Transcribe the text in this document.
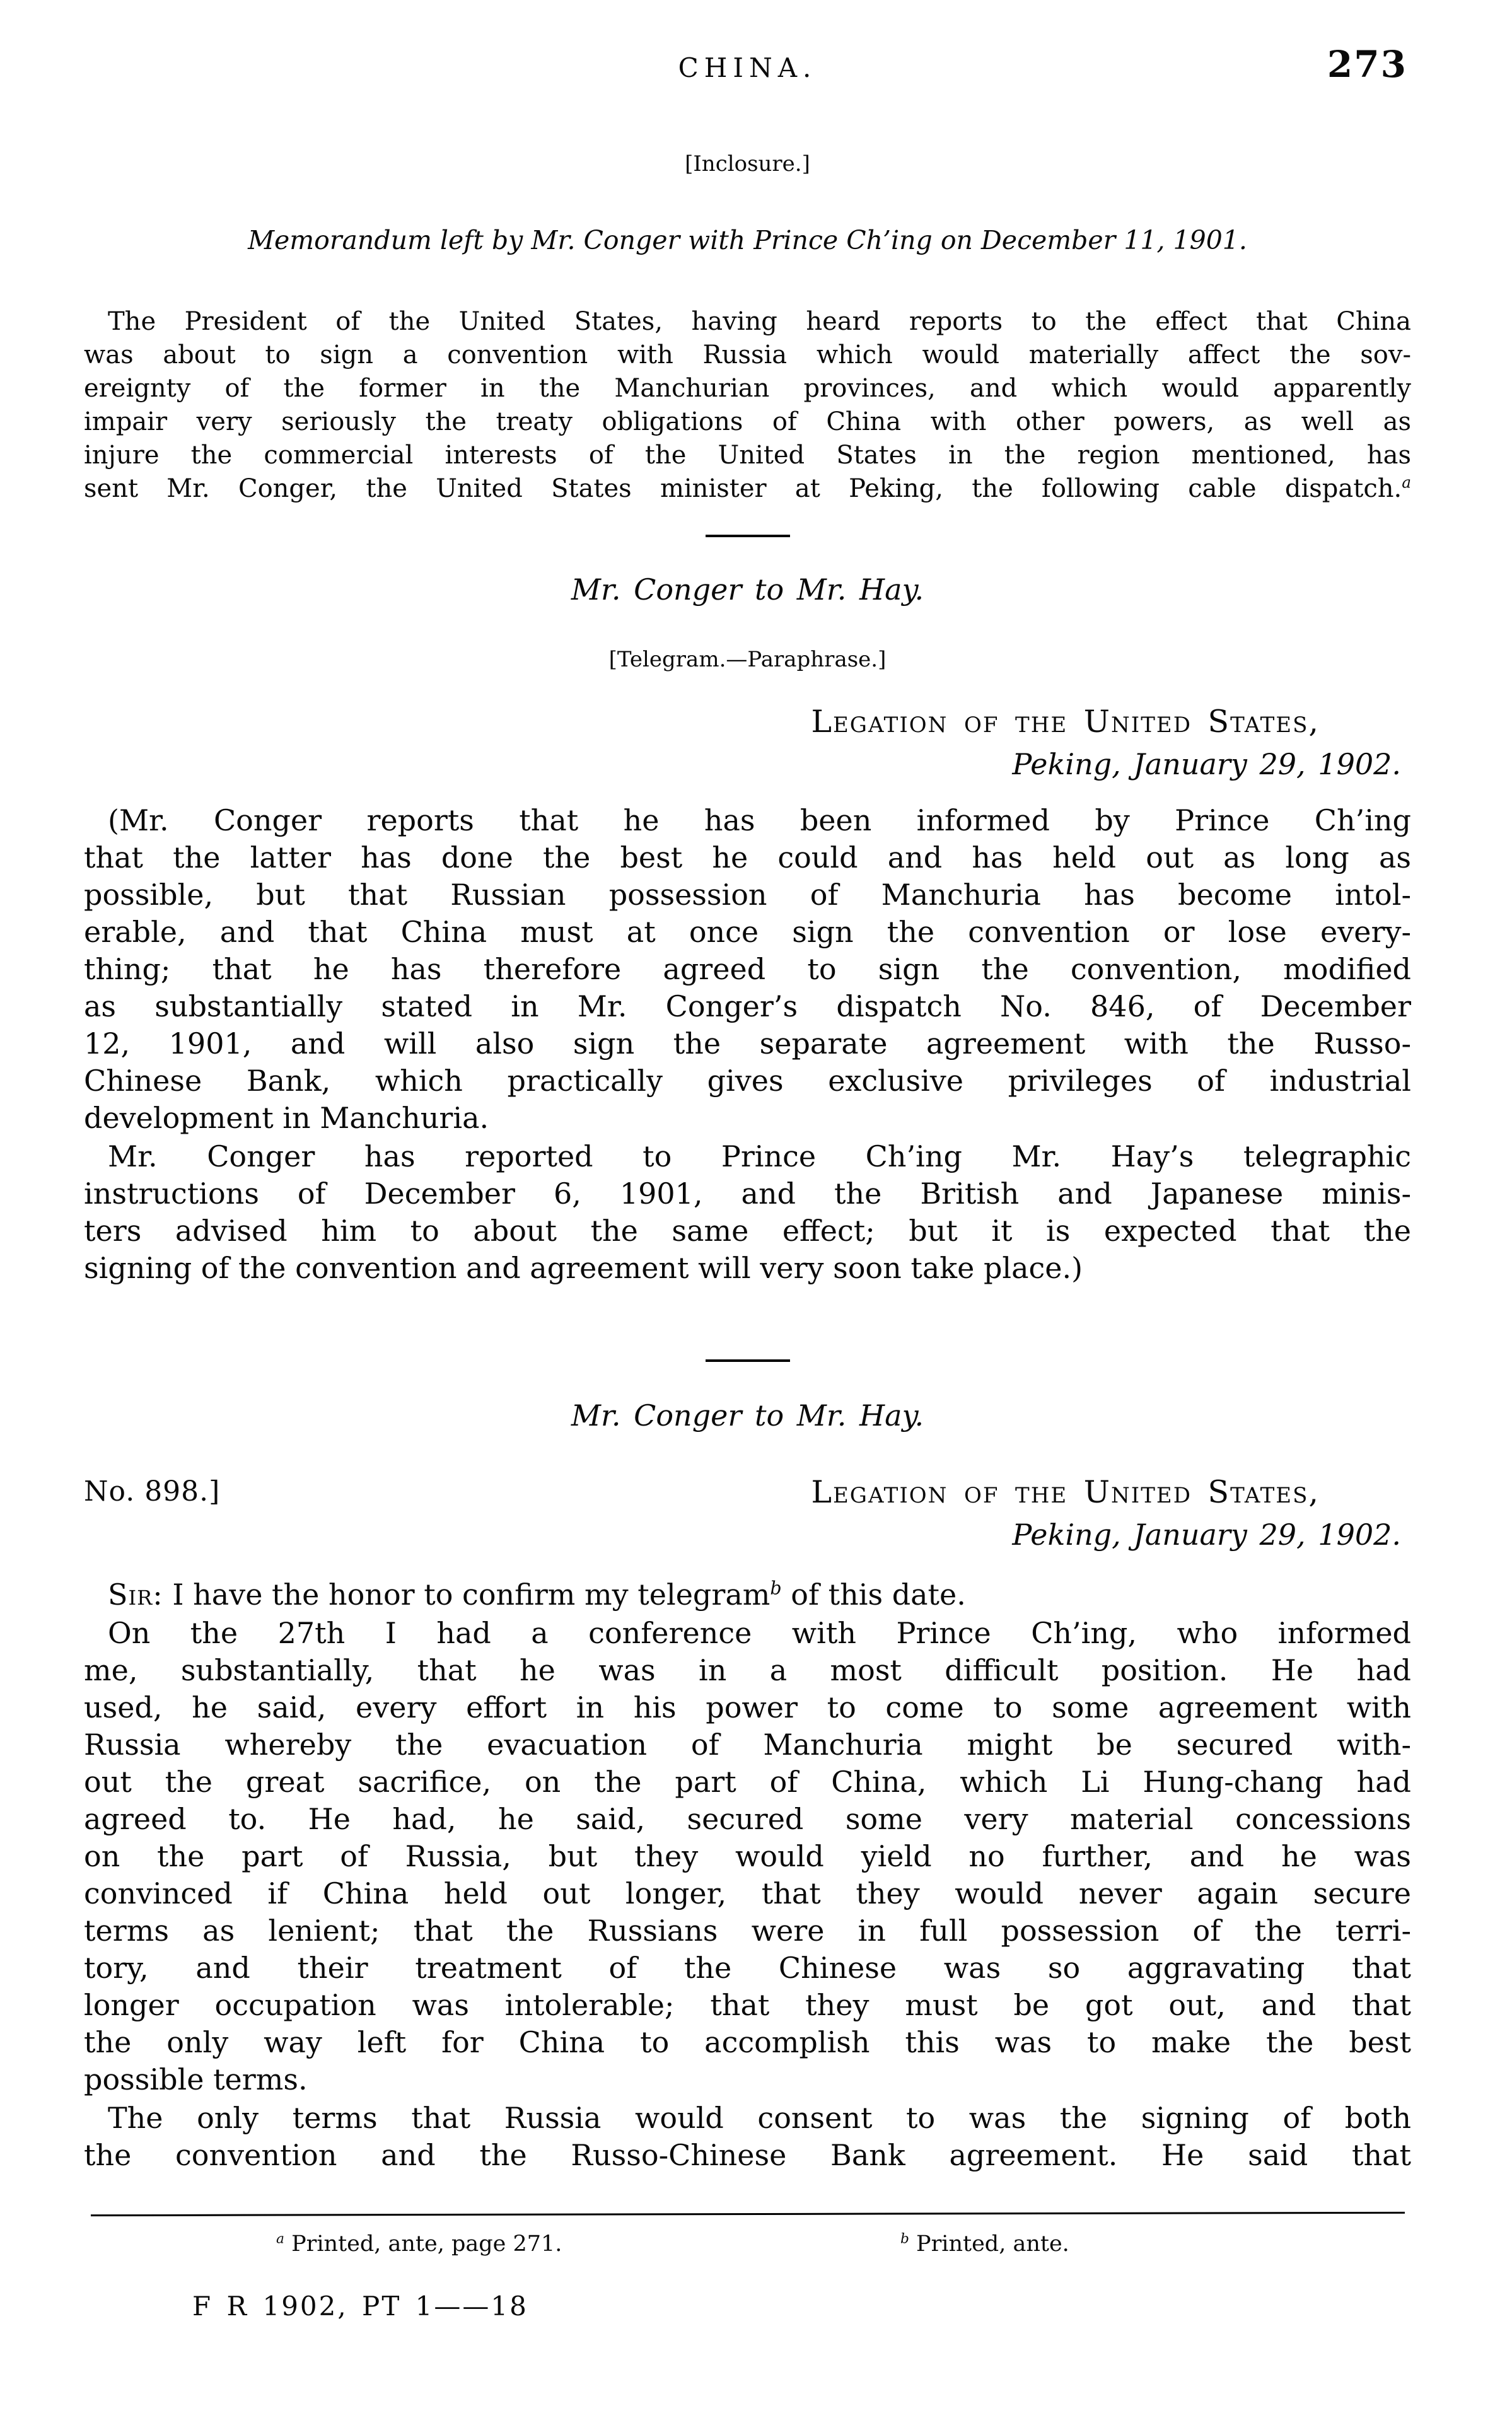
CHINA.	273
[Inclosure.]
Memorandum left by Mr. Conger with Prince Ch’ing on December 11, 1901.
The President of the United States, having heard reports to the effect that China
was about to sign a convention with Russia which would materially affect the sov-
ereignty of the former in the Manchurian provinces, and which would apparently
impair very seriously the treaty obligations of China with other powers, as well as
injure the commercial interests of the United States in the region mentioned, has
sent Mr. Conger, the United States minister at Peking, the following cable dispatch.$^a$
Mr. Conger to Mr. Hay.
[Telegram.—Paraphrase.]
Legation of the United States,
Peking, January 29, 1902.
(Mr. Conger reports that he has been informed by Prince Ch’ing
that the latter has done the best he could and has held out as long as
possible, but that Russian possession of Manchuria has become intol-
erable, and that China must at once sign the convention or lose every-
thing; that he has therefore agreed to sign the convention, modified
as substantially stated in Mr. Conger’s dispatch No. 846, of December
12, 1901, and will also sign the separate agreement with the Russo-
Chinese Bank, which practically gives exclusive privileges of industrial
development in Manchuria.
Mr. Conger has reported to Prince Ch’ing Mr. Hay’s telegraphic
instructions of December 6, 1901, and the British and Japanese minis-
ters advised him to about the same effect; but it is expected that the
signing of the convention and agreement will very soon take place.)
Mr. Conger to Mr. Hay.
No. 898.]	Legation of the United States,
Peking, January 29, 1902.
Sir: I have the honor to confirm my telegram$^b$ of this date.
On the 27th I had a conference with Prince Ch’ing, who informed
me, substantially, that he was in a most difficult position. He had
used, he said, every effort in his power to come to some agreement with
Russia whereby the evacuation of Manchuria might be secured with-
out the great sacrifice, on the part of China, which Li Hung-chang had
agreed to. He had, he said, secured some very material concessions
on the part of Russia, but they would yield no further, and he was
convinced if China held out longer, that they would never again secure
terms as lenient; that the Russians were in full possession of the terri-
tory, and their treatment of the Chinese was so aggravating that
longer occupation was intolerable; that they must be got out, and that
the only way left for China to accomplish this was to make the best
possible terms.
The only terms that Russia would consent to was the signing of both
the convention and the Russo-Chinese Bank agreement. He said that
$^a$ Printed, ante, page 271.	$^b$ Printed, ante.
F R 1902, PT 1——18
